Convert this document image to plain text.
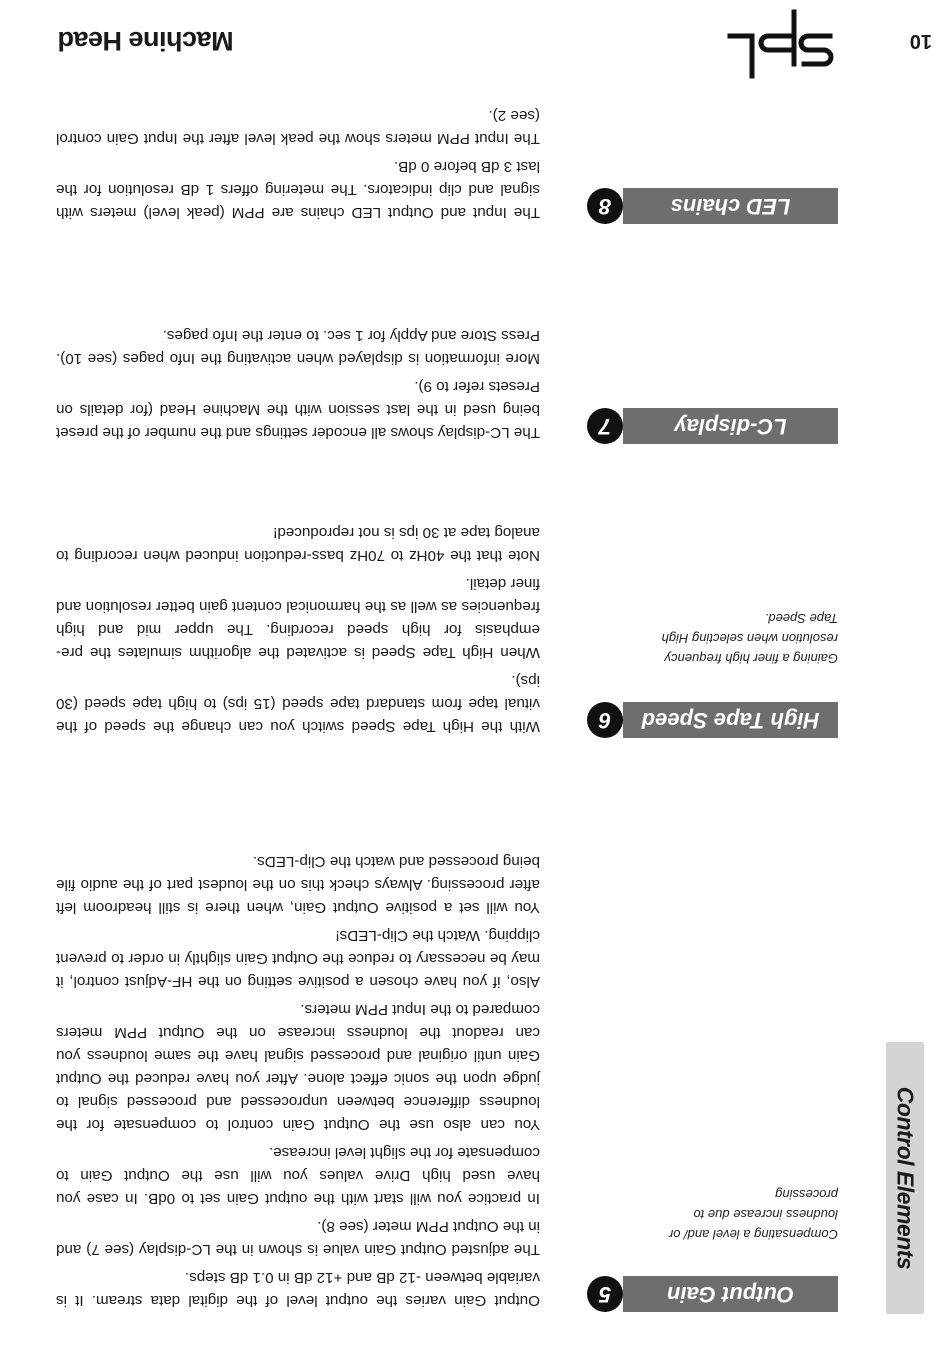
10
Machine Head
Control Elements
LED chains
8

The Input and Output LED chains are PPM (peak level) meters with signal and clip indicators. The metering offers 1 dB resolution for the last 3 dB before 0 dB.

The Input PPM meters show the peak level after the Input Gain control (see 2).

LC-display
7

The LC-display shows all encoder settings and the number of the preset being used in the last session with the Machine Head (for details on Presets refer to 9).

More information is displayed when activating the Info pages (see 10). Press Store and Apply for 1 sec. to enter the Info pages.

High Tape Speed
6
Gaining a finer high frequency resolution when selecting High Tape Speed.

With the High Tape Speed switch you can change the speed of the vitual tape from standard tape speed (15 ips) to high tape speed (30 ips).

When High Tape Speed is activated the algorithm simulates the pre-emphasis for high speed recording. The upper mid and high frequencies as well as the harmonical content gain better resolution and finer detail.

Note that the 40Hz to 70Hz bass-reduction induced when recording to analog tape at 30 ips is not reproduced!

Output Gain
5
Compensating a level and/ or loudness increase due to processing

Output Gain varies the output level of the digital data stream. It is variable between -12 dB and +12 dB in 0.1 dB steps.

The adjusted Output Gain value is shown in the LC-display (see 7) and in the Output PPM meter (see 8).

In practice you will start with the output Gain set to 0dB. In case you have used high Drive values you will use the Output Gain to compensate for the slight level increase.

You can also use the Output Gain control to compensate for the loudness difference between unprocessed and processed signal to judge upon the sonic effect alone. After you have reduced the Output Gain until original and processed signal have the same loudness you can readout the loudness increase on the Output PPM meters compared to the Input PPM meters.

Also, if you have chosen a positive setting on the HF-Adjust control, it may be necessary to reduce the Output Gain slightly in order to prevent clipping. Watch the Clip-LEDs!

You will set a positive Output Gain, when there is still headroom left after processing. Always check this on the loudest part of the audio file being processed and watch the Clip-LEDs.
